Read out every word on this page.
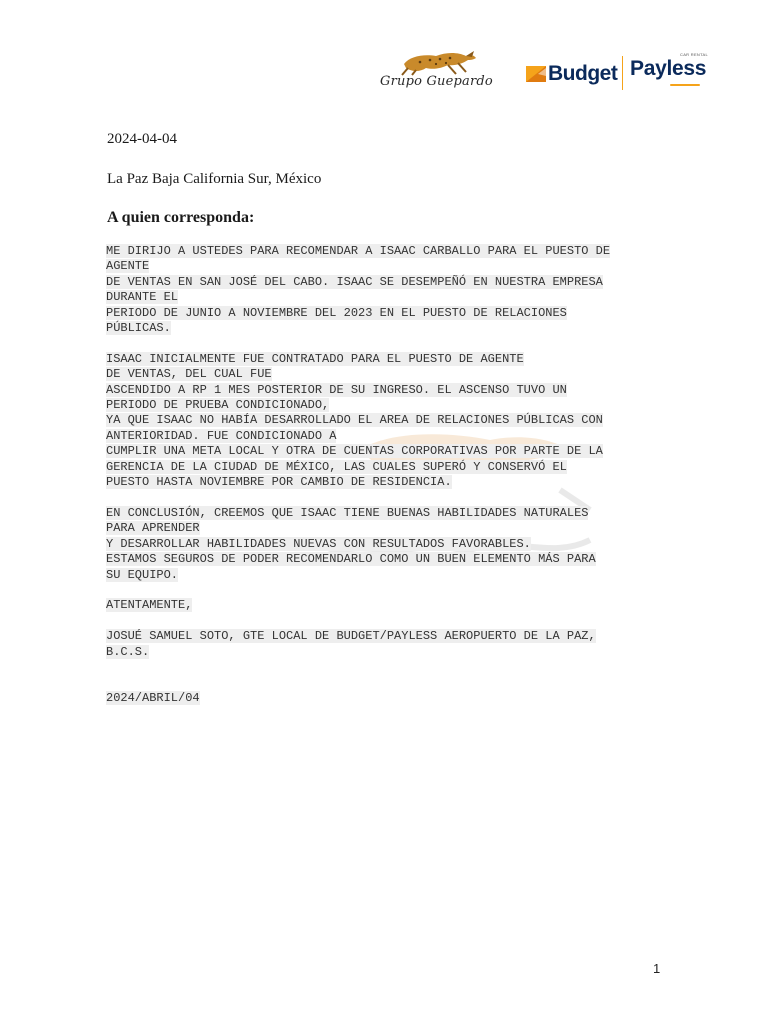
Grupo Guepardo	Budget
CAR RENTAL
Payless
2024-04-04
La Paz Baja California Sur, México
A quien corresponda:
ME DIRIJO A USTEDES PARA RECOMENDAR A ISAAC CARBALLO PARA EL PUESTO DE
AGENTE
DE VENTAS EN SAN JOSÉ DEL CABO. ISAAC SE DESEMPEÑÓ EN NUESTRA EMPRESA
DURANTE EL
PERIODO DE JUNIO A NOVIEMBRE DEL 2023 EN EL PUESTO DE RELACIONES
PÚBLICAS.
ISAAC INICIALMENTE FUE CONTRATADO PARA EL PUESTO DE AGENTE
DE VENTAS, DEL CUAL FUE
ASCENDIDO A RP 1 MES POSTERIOR DE SU INGRESO. EL ASCENSO TUVO UN
PERIODO DE PRUEBA CONDICIONADO,
YA QUE ISAAC NO HABÍA DESARROLLADO EL AREA DE RELACIONES PÚBLICAS CON
ANTERIORIDAD. FUE CONDICIONADO A
CUMPLIR UNA META LOCAL Y OTRA DE CUENTAS CORPORATIVAS POR PARTE DE LA
GERENCIA DE LA CIUDAD DE MÉXICO, LAS CUALES SUPERÓ Y CONSERVÓ EL
PUESTO HASTA NOVIEMBRE POR CAMBIO DE RESIDENCIA.
EN CONCLUSIÓN, CREEMOS QUE ISAAC TIENE BUENAS HABILIDADES NATURALES
PARA APRENDER
Y DESARROLLAR HABILIDADES NUEVAS CON RESULTADOS FAVORABLES.
ESTAMOS SEGUROS DE PODER RECOMENDARLO COMO UN BUEN ELEMENTO MÁS PARA
SU EQUIPO.
ATENTAMENTE,
JOSUÉ SAMUEL SOTO, GTE LOCAL DE BUDGET/PAYLESS AEROPUERTO DE LA PAZ,
B.C.S.

2024/ABRIL/04
1
